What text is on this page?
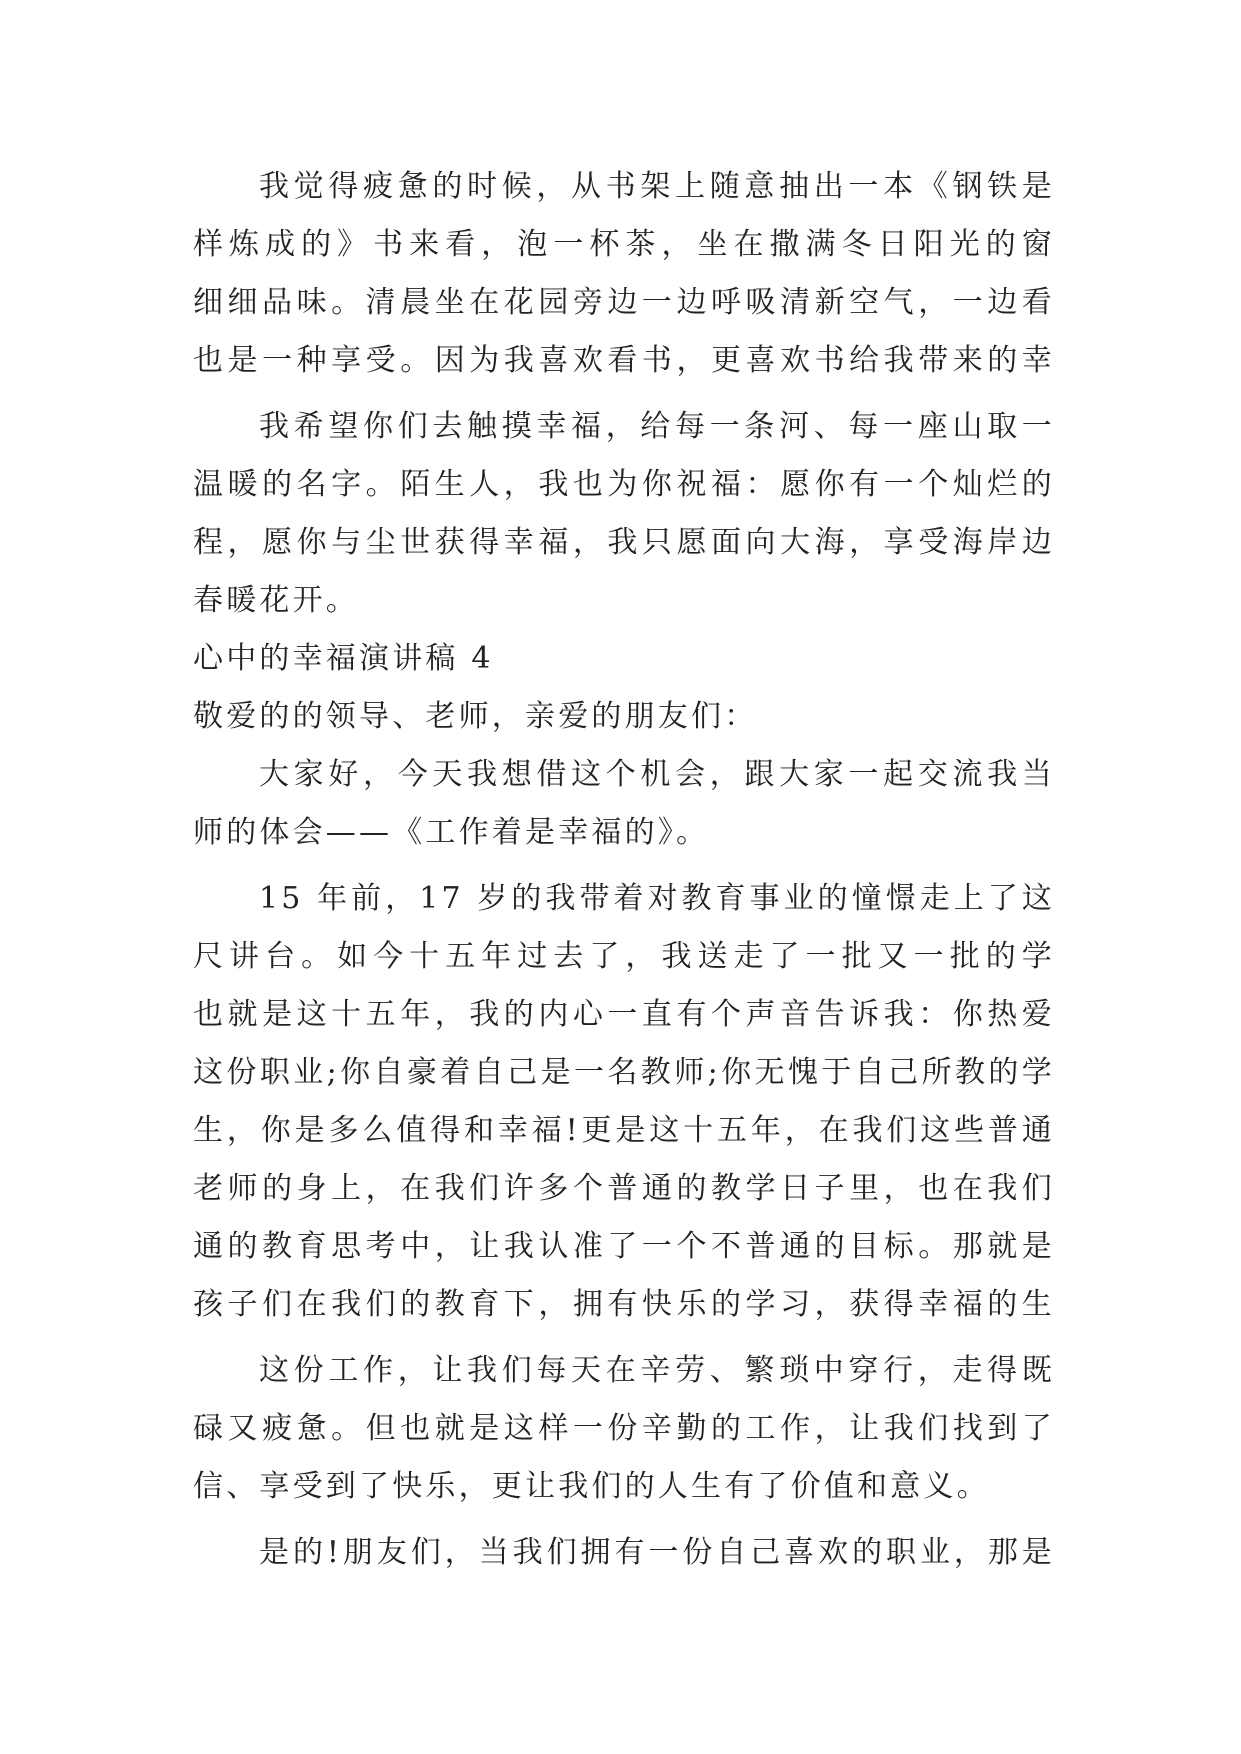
我觉得疲惫的时候，从书架上随意抽出一本《钢铁是
样炼成的》书来看，泡一杯茶，坐在撒满冬日阳光的窗
细细品味。清晨坐在花园旁边一边呼吸清新空气，一边看
也是一种享受。因为我喜欢看书，更喜欢书给我带来的幸
我希望你们去触摸幸福，给每一条河、每一座山取一
温暖的名字。陌生人，我也为你祝福：愿你有一个灿烂的
程，愿你与尘世获得幸福，我只愿面向大海，享受海岸边
春暖花开。
心中的幸福演讲稿 4
敬爱的的领导、老师，亲爱的朋友们：
大家好，今天我想借这个机会，跟大家一起交流我当
师的体会——《工作着是幸福的》。
15 年前，17 岁的我带着对教育事业的憧憬走上了这
尺讲台。如今十五年过去了，我送走了一批又一批的学
也就是这十五年，我的内心一直有个声音告诉我：你热爱
这份职业;你自豪着自己是一名教师;你无愧于自己所教的学
生，你是多么值得和幸福!更是这十五年，在我们这些普通
老师的身上，在我们许多个普通的教学日子里，也在我们
通的教育思考中，让我认准了一个不普通的目标。那就是
孩子们在我们的教育下，拥有快乐的学习，获得幸福的生
这份工作，让我们每天在辛劳、繁琐中穿行，走得既
碌又疲惫。但也就是这样一份辛勤的工作，让我们找到了
信、享受到了快乐，更让我们的人生有了价值和意义。
是的!朋友们，当我们拥有一份自己喜欢的职业，那是
